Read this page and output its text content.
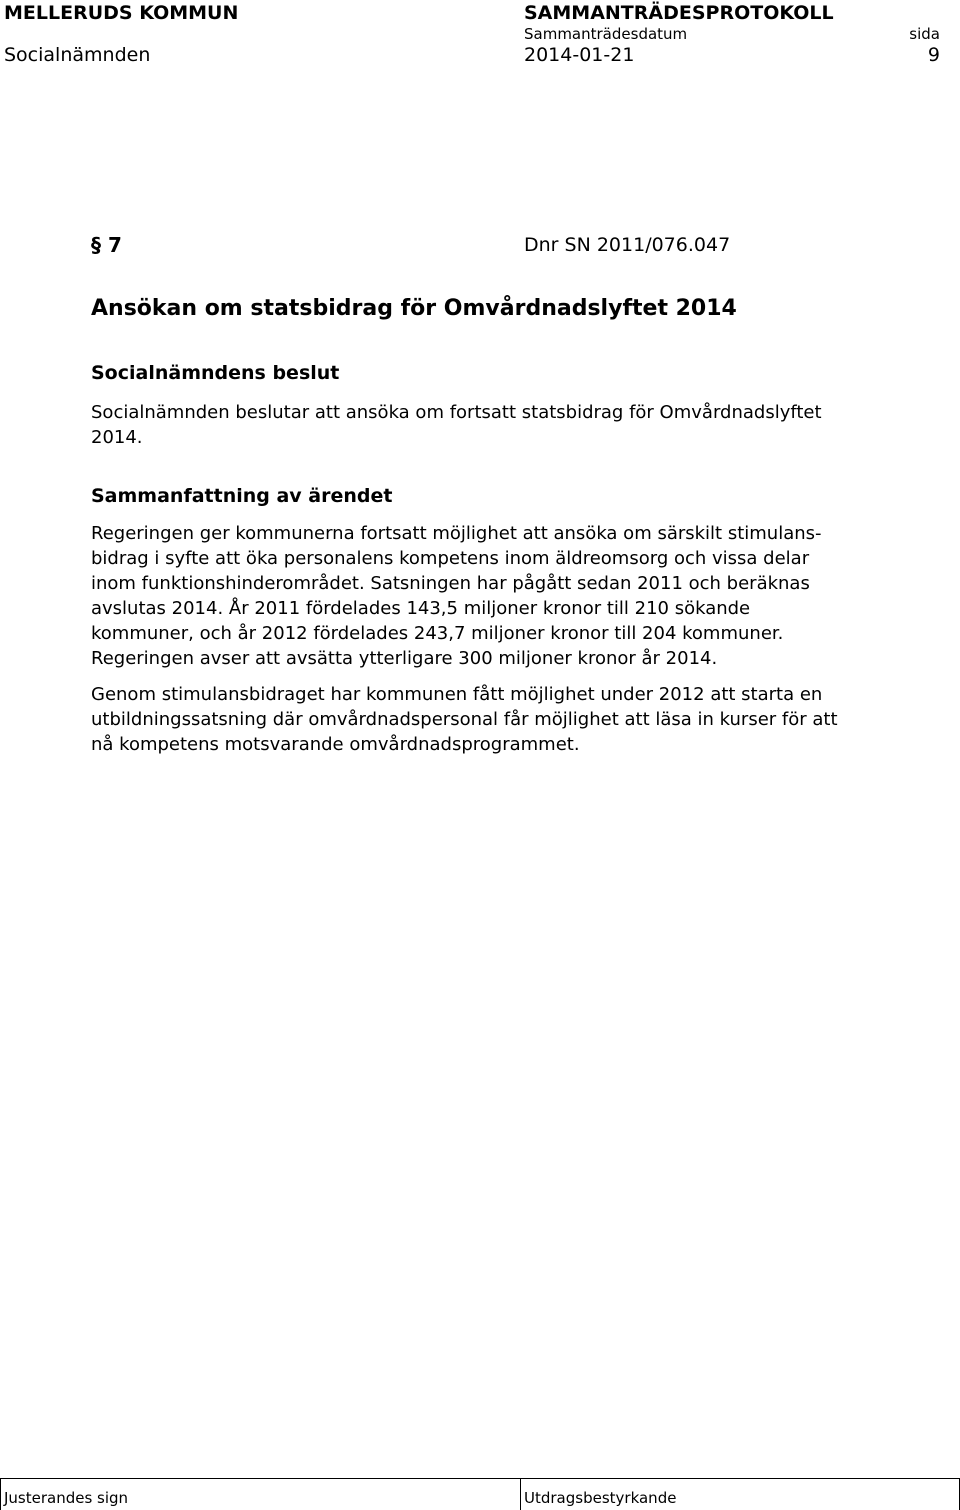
MELLERUDS KOMMUN	SAMMANTRÄDESPROTOKOLL
Sammanträdesdatum	sida
Socialnämnden	2014-01-21	9
§ 7	Dnr SN 2011/076.047
Ansökan om statsbidrag för Omvårdnadslyftet 2014
Socialnämndens beslut
Socialnämnden beslutar att ansöka om fortsatt statsbidrag för Omvårdnadslyftet
2014.
Sammanfattning av ärendet
Regeringen ger kommunerna fortsatt möjlighet att ansöka om särskilt stimulans-
bidrag i syfte att öka personalens kompetens inom äldreomsorg och vissa delar
inom funktionshinderområdet. Satsningen har pågått sedan 2011 och beräknas
avslutas 2014. År 2011 fördelades 143,5 miljoner kronor till 210 sökande
kommuner, och år 2012 fördelades 243,7 miljoner kronor till 204 kommuner.
Regeringen avser att avsätta ytterligare 300 miljoner kronor år 2014.
Genom stimulansbidraget har kommunen fått möjlighet under 2012 att starta en
utbildningssatsning där omvårdnadspersonal får möjlighet att läsa in kurser för att
nå kompetens motsvarande omvårdnadsprogrammet.
Justerandes sign	Utdragsbestyrkande
